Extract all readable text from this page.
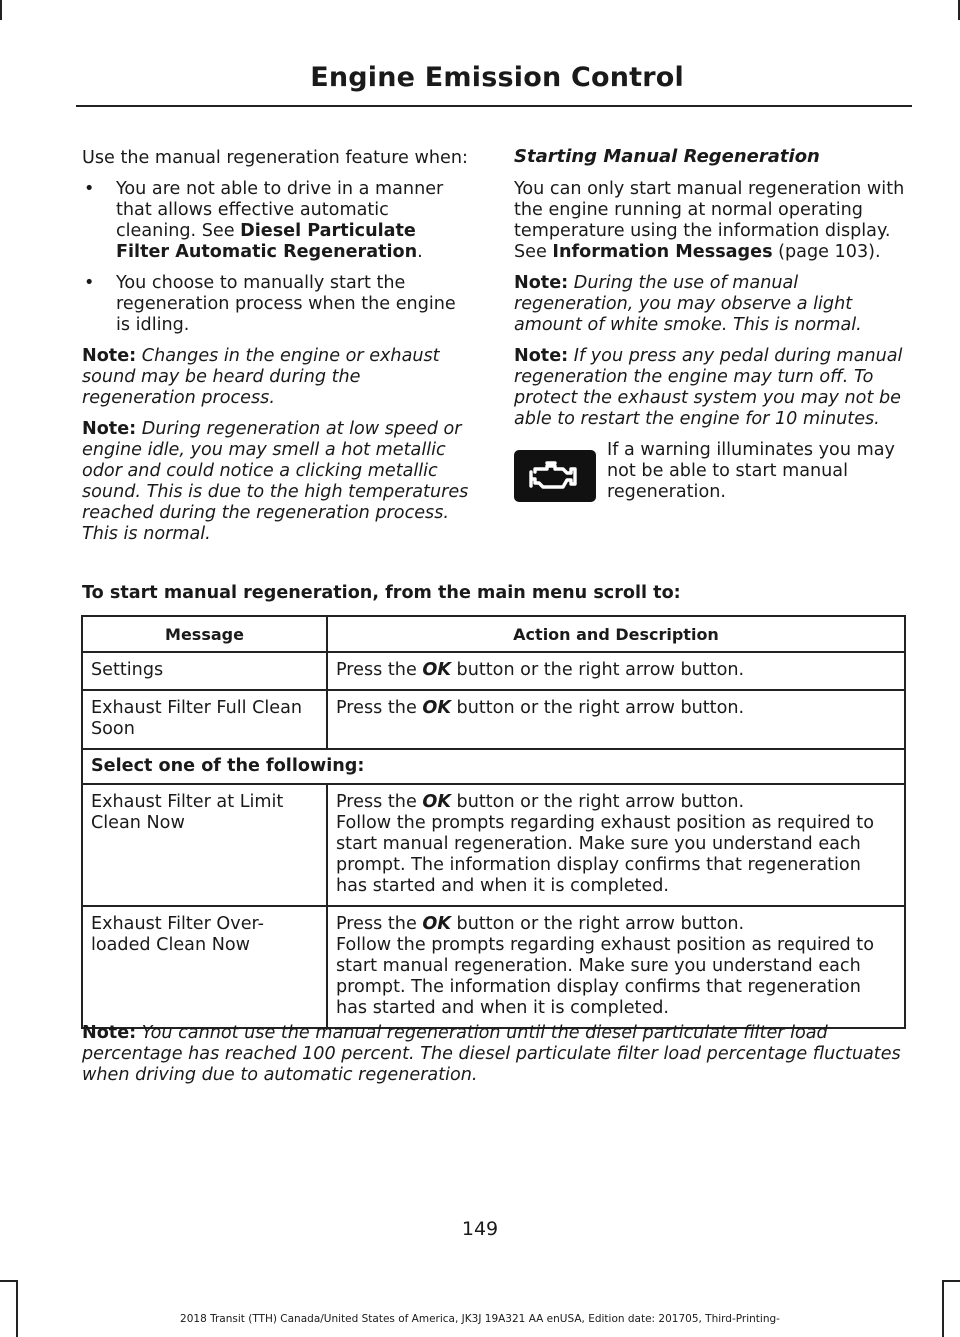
Engine Emission Control

Use the manual regeneration feature when:

• You are not able to drive in a manner that allows effective automatic cleaning. See Diesel Particulate Filter Automatic Regeneration.
• You choose to manually start the regeneration process when the engine is idling.

Note: Changes in the engine or exhaust sound may be heard during the regeneration process.

Note: During regeneration at low speed or engine idle, you may smell a hot metallic odor and could notice a clicking metallic sound. This is due to the high temperatures reached during the regeneration process. This is normal.

Starting Manual Regeneration

You can only start manual regeneration with the engine running at normal operating temperature using the information display. See Information Messages (page 103).

Note: During the use of manual regeneration, you may observe a light amount of white smoke. This is normal.

Note: If you press any pedal during manual regeneration the engine may turn off. To protect the exhaust system you may not be able to restart the engine for 10 minutes.

If a warning illuminates you may not be able to start manual regeneration.
To start manual regeneration, from the main menu scroll to:
Message	Action and Description
Settings	Press the OK button or the right arrow button.
Exhaust Filter Full Clean Soon	Press the OK button or the right arrow button.
Select one of the following:	
Exhaust Filter at Limit Clean Now	Press the OK button or the right arrow button.
Follow the prompts regarding exhaust position as required to start manual regeneration. Make sure you understand each prompt. The information display confirms that regeneration has started and when it is completed.

Exhaust Filter Over-loaded Clean Now	Press the OK button or the right arrow button.
Follow the prompts regarding exhaust position as required to start manual regeneration. Make sure you understand each prompt. The information display confirms that regeneration has started and when it is completed.
Note: You cannot use the manual regeneration until the diesel particulate filter load percentage has reached 100 percent. The diesel particulate filter load percentage fluctuates when driving due to automatic regeneration.
149
2018 Transit (TTH) Canada/United States of America, JK3J 19A321 AA enUSA, Edition date: 201705, Third-Printing-
